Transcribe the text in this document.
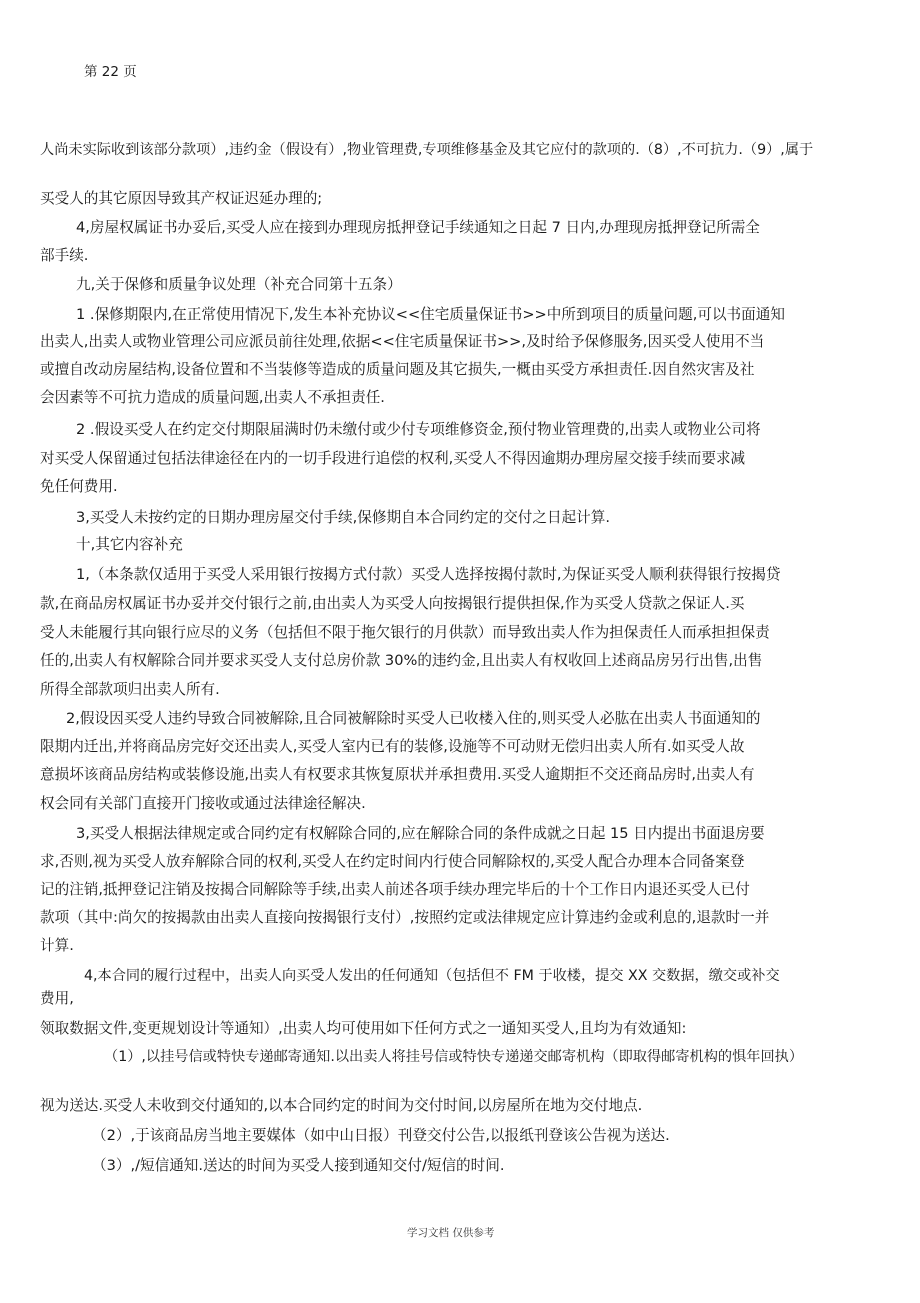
第 22 页
人尚未实际收到该部分款项）,违约金（假设有）,物业管理费,专项维修基金及其它应付的款项的.（8）,不可抗力.（9）,属于
买受人的其它原因导致其产权证迟延办理的;
4,房屋权属证书办妥后,买受人应在接到办理现房抵押登记手续通知之日起 7 日内,办理现房抵押登记所需全
部手续.
九,关于保修和质量争议处理（补充合同第十五条）
1 .保修期限内,在正常使用情况下,发生本补充协议<<住宅质量保证书>>中所到项目的质量问题,可以书面通知
出卖人,出卖人或物业管理公司应派员前往处理,依据<<住宅质量保证书>>,及时给予保修服务,因买受人使用不当
或擅自改动房屋结构,设备位置和不当装修等造成的质量问题及其它损失,一概由买受方承担责任.因自然灾害及社
会因素等不可抗力造成的质量问题,出卖人不承担责任.
2 .假设买受人在约定交付期限届满时仍未缴付或少付专项维修资金,预付物业管理费的,出卖人或物业公司将
对买受人保留通过包括法律途径在内的一切手段进行追偿的权利,买受人不得因逾期办理房屋交接手续而要求减
免任何费用.
3,买受人未按约定的日期办理房屋交付手续,保修期自本合同约定的交付之日起计算.
十,其它内容补充
1,（本条款仅适用于买受人采用银行按揭方式付款）买受人选择按揭付款时,为保证买受人顺利获得银行按揭贷
款,在商品房权属证书办妥并交付银行之前,由出卖人为买受人向按揭银行提供担保,作为买受人贷款之保证人.买
受人未能履行其向银行应尽的义务（包括但不限于拖欠银行的月供款）而导致出卖人作为担保责任人而承担担保责
任的,出卖人有权解除合同并要求买受人支付总房价款 30%的违约金,且出卖人有权收回上述商品房另行出售,出售
所得全部款项归出卖人所有.
2,假设因买受人违约导致合同被解除,且合同被解除时买受人已收楼入住的,则买受人必肱在出卖人书面通知的
限期内迁出,并将商品房完好交还出卖人,买受人室内已有的装修,设施等不可动财无偿归出卖人所有.如买受人故
意损坏该商品房结构或装修设施,出卖人有权要求其恢复原状并承担费用.买受人逾期拒不交还商品房时,出卖人有
权会同有关部门直接开门接收或通过法律途径解决.
3,买受人根据法律规定或合同约定有权解除合同的,应在解除合同的条件成就之日起 15 日内提出书面退房要
求,否则,视为买受人放弃解除合同的权利,买受人在约定时间内行使合同解除权的,买受人配合办理本合同备案登
记的注销,抵押登记注销及按揭合同解除等手续,出卖人前述各项手续办理完毕后的十个工作日内退还买受人已付
款项（其中:尚欠的按揭款由出卖人直接向按揭银行支付）,按照约定或法律规定应计算违约金或利息的,退款时一并
计算.
4,本合同的履行过程中，出卖人向买受人发出的任何通知（包括但不 FM 于收楼，提交 XX 交数据，缴交或补交
费用,
领取数据文件,变更规划设计等通知）,出卖人均可使用如下任何方式之一通知买受人,且均为有效通知:
（1）,以挂号信或特快专递邮寄通知.以出卖人将挂号信或特快专递递交邮寄机构（即取得邮寄机构的惧年回执）
视为送达.买受人未收到交付通知的,以本合同约定的时间为交付时间,以房屋所在地为交付地点.
（2）,于该商品房当地主要媒体（如中山日报）刊登交付公告,以报纸刊登该公告视为送达.
（3）,/短信通知.送达的时间为买受人接到通知交付/短信的时间.
学习文档 仅供参考
